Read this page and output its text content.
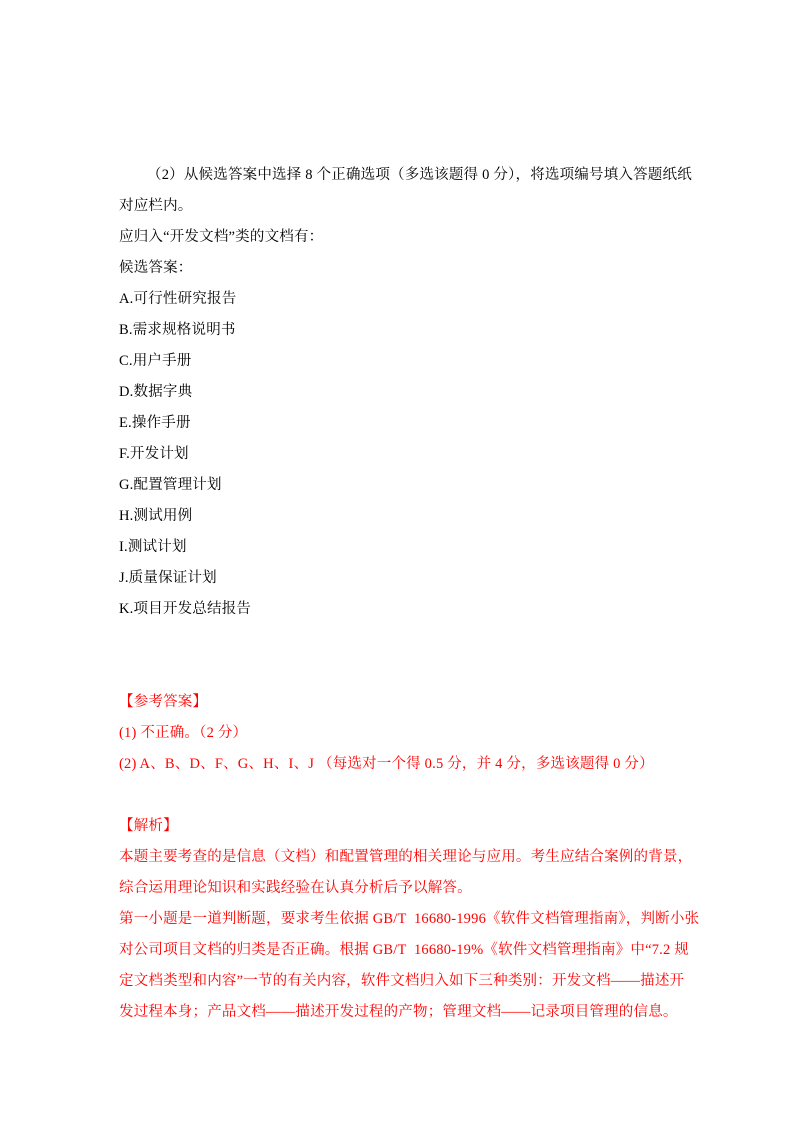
（2）从候选答案中选择 8 个正确选项（多选该题得 0 分），将选项编号填入答题纸纸
对应栏内。
应归入“开发文档”类的文档有：
候选答案：
A.可行性研究报告
B.需求规格说明书
C.用户手册
D.数据字典
E.操作手册
F.开发计划
G.配置管理计划
H.测试用例
I.测试计划
J.质量保证计划
K.项目开发总结报告
【参考答案】
(1) 不正确。（2 分）
(2) A、B、D、F、G、H、I、J （每选对一个得 0.5 分，并 4 分，多选该题得 0 分）
【解析】
本题主要考查的是信息（文档）和配置管理的相关理论与应用。考生应结合案例的背景，
综合运用理论知识和实践经验在认真分析后予以解答。
第一小题是一道判断题，要求考生依据 GB/T  16680-1996《软件文档管理指南》，判断小张
对公司项目文档的归类是否正确。根据 GB/T  16680-19%《软件文档管理指南》中“7.2 规
定文档类型和内容”一节的有关内容，软件文档归入如下三种类别：开发文档——描述开
发过程本身；产品文档——描述开发过程的产物；管理文档——记录项目管理的信息。
